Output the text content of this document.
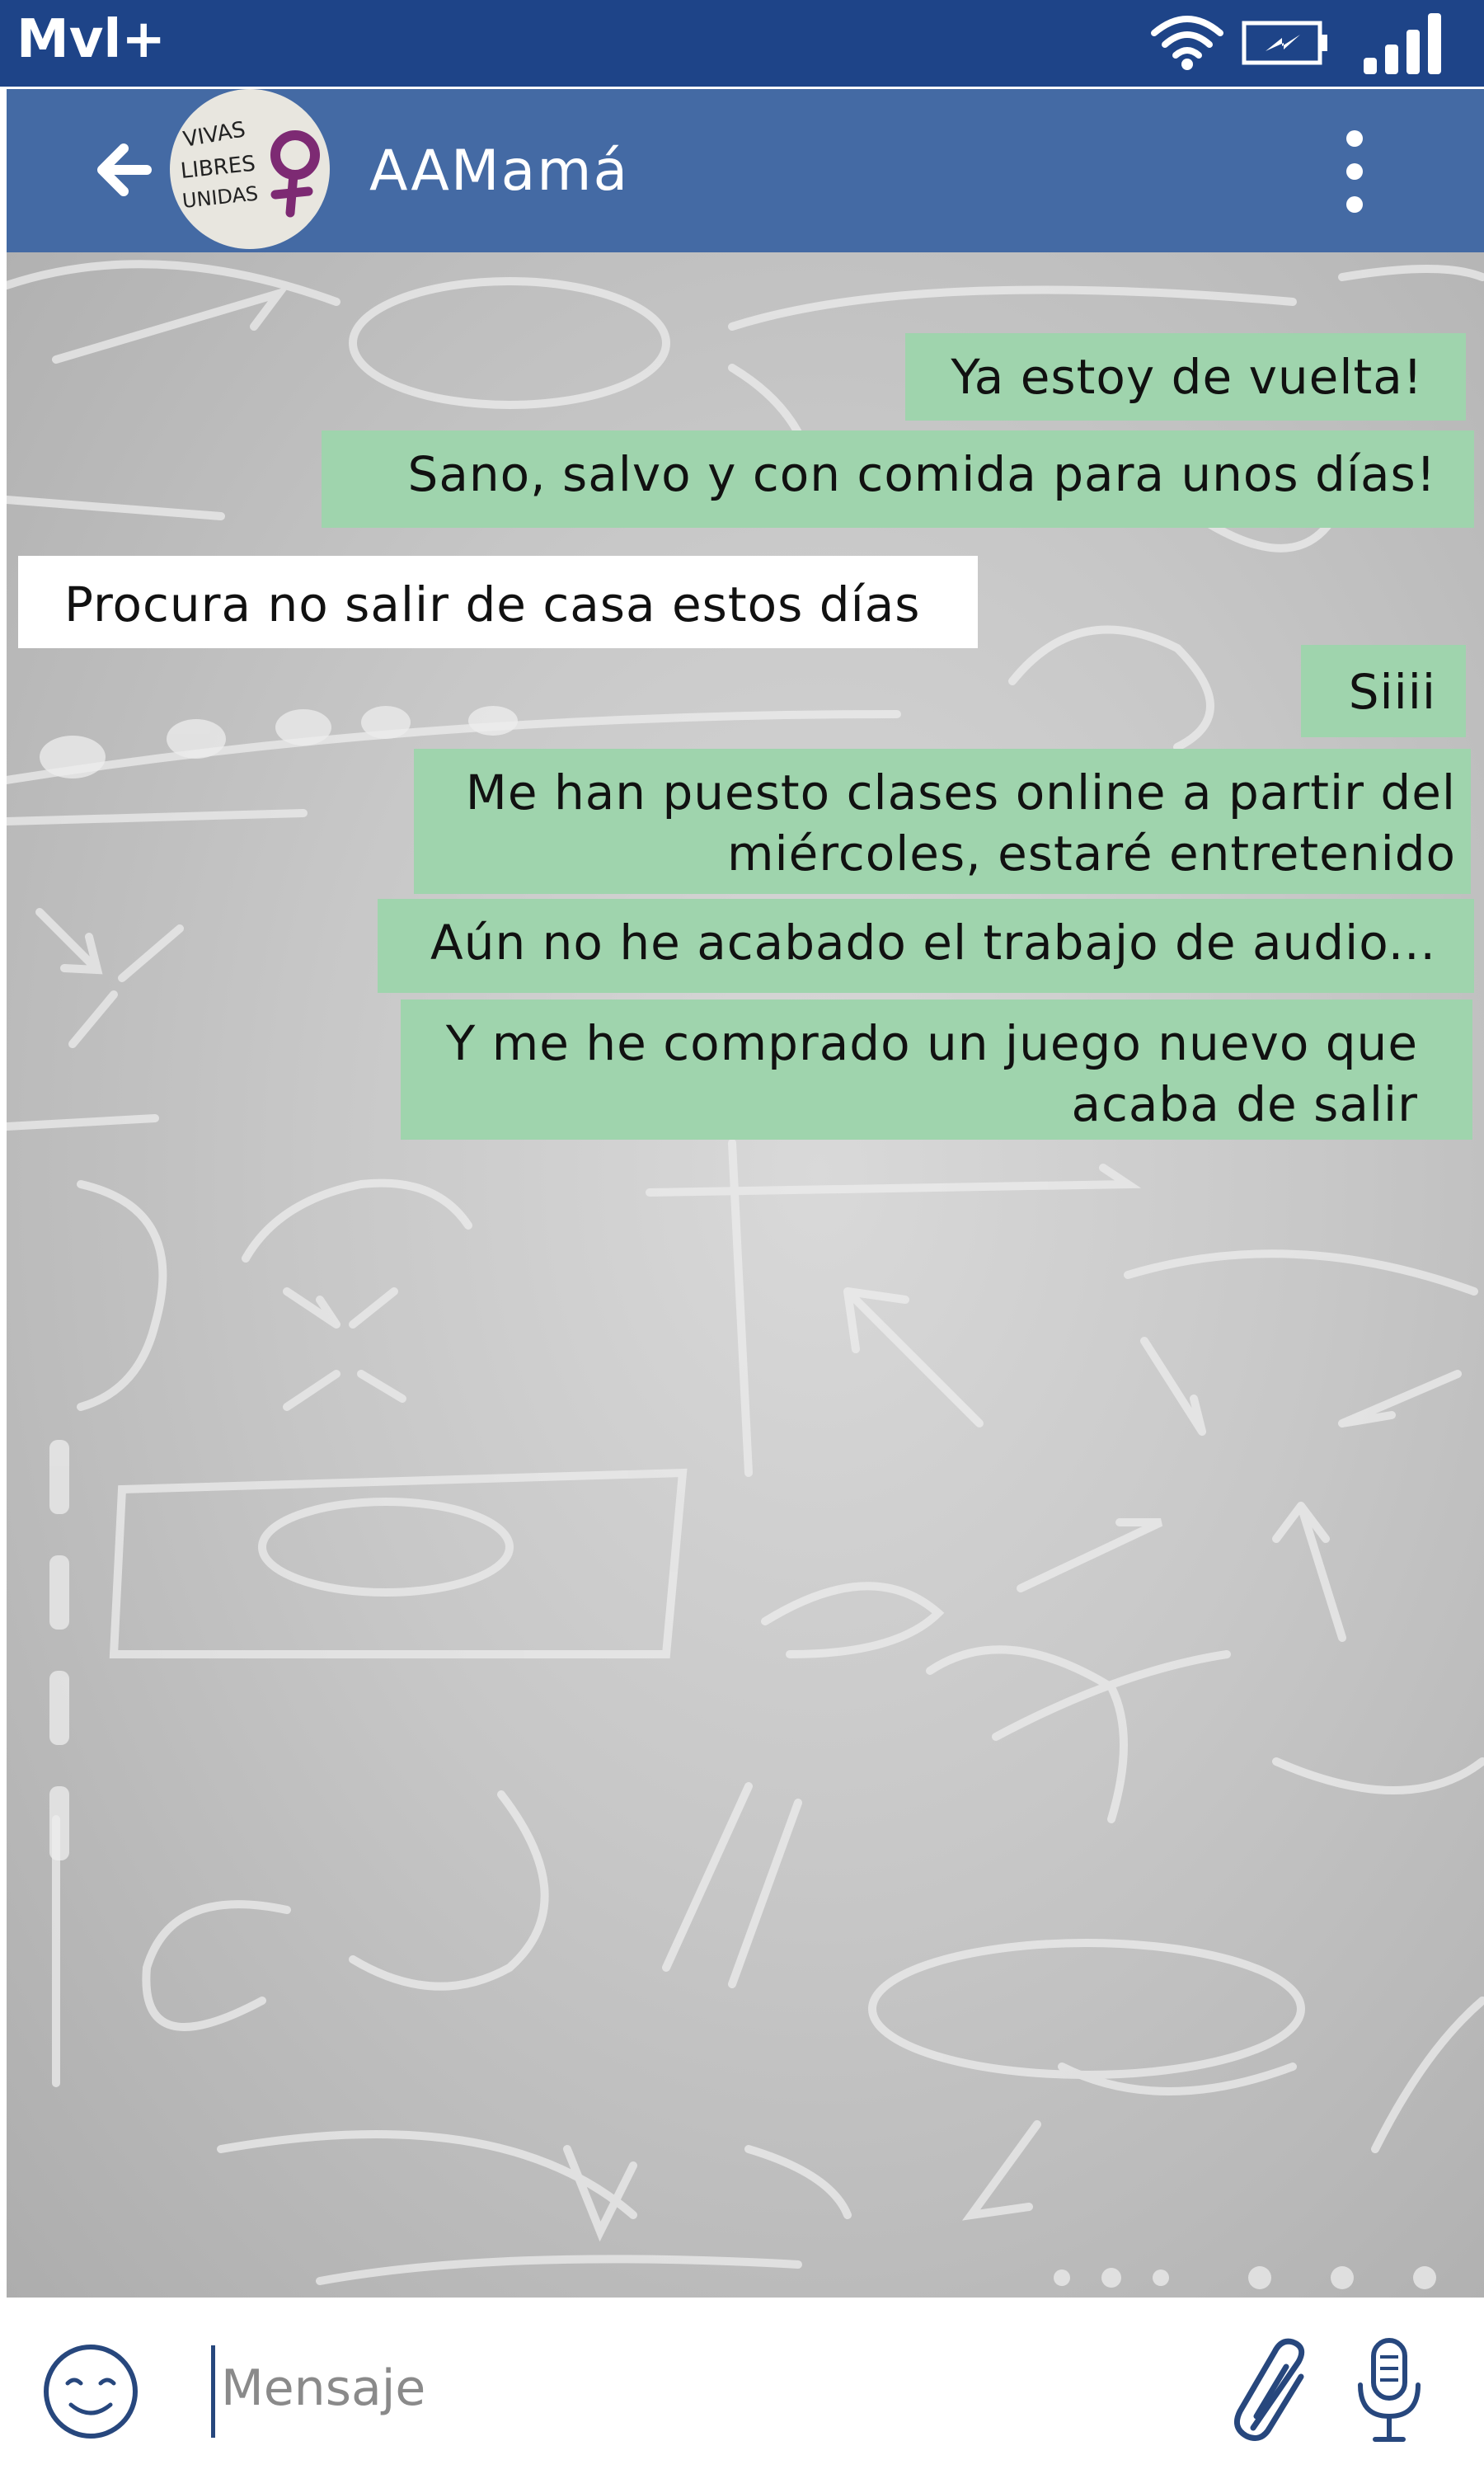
Mvl+
VIVAS
LIBRES
UNIDAS AAMamá
Ya estoy de vuelta!
Sano, salvo y con comida para unos días!
Procura no salir de casa estos días
Siiii
Me han puesto clases online a partir del miércoles, estaré entretenido
Aún no he acabado el trabajo de audio...
Y me he comprado un juego nuevo que acaba de salir
Mensaje
